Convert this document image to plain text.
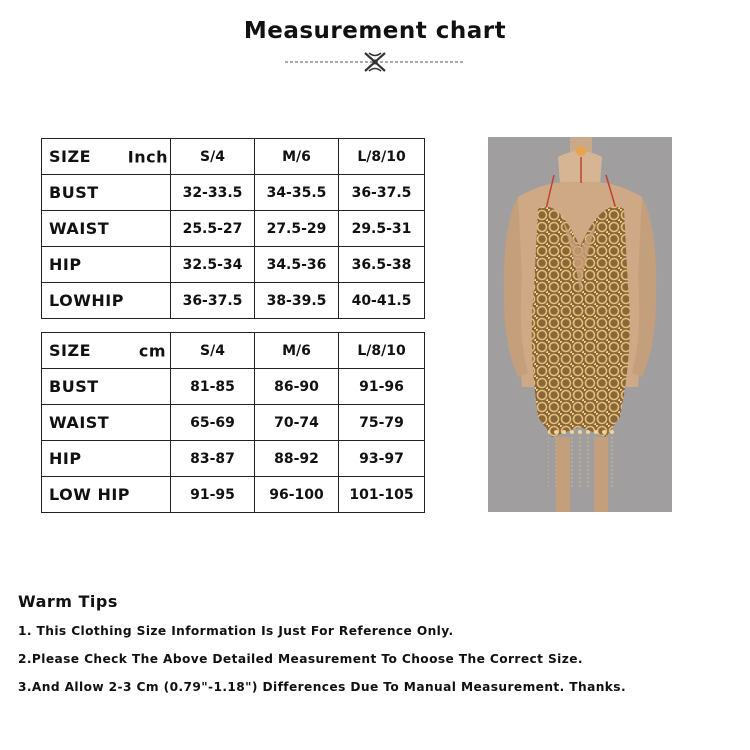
Measurement chart
SIZE Inch	S/4	M/6	L/8/10
BUST	32-33.5	34-35.5	36-37.5
WAIST	25.5-27	27.5-29	29.5-31
HIP	32.5-34	34.5-36	36.5-38
LOWHIP	36-37.5	38-39.5	40-41.5
SIZE cm	S/4	M/6	L/8/10
BUST	81-85	86-90	91-96
WAIST	65-69	70-74	75-79
HIP	83-87	88-92	93-97
LOW HIP	91-95	96-100	101-105
Warm Tips
1. This Clothing Size Information Is Just For Reference Only.
2.Please Check The Above Detailed Measurement To Choose The Correct Size.
3.And Allow 2-3 Cm (0.79"-1.18") Differences Due To Manual Measurement. Thanks.
